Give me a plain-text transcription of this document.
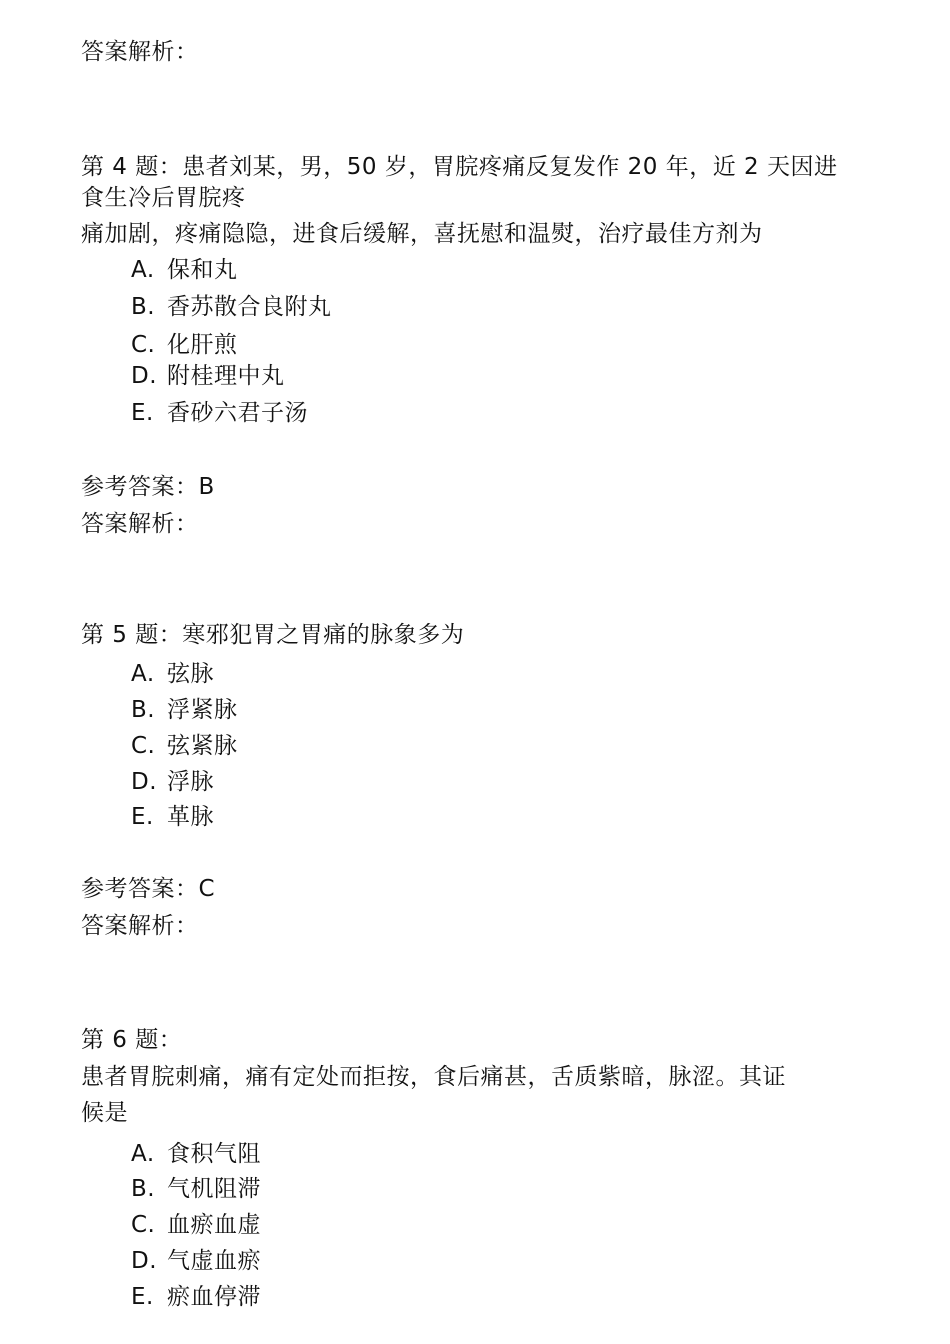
答案解析：
第 4 题：患者刘某，男，50 岁，胃脘疼痛反复发作 20 年，近 2 天因进
食生冷后胃脘疼
痛加剧，疼痛隐隐，进食后缓解，喜抚慰和温熨，治疗最佳方剂为
A. 保和丸
B. 香苏散合良附丸
C. 化肝煎
D. 附桂理中丸
E. 香砂六君子汤
参考答案：B
答案解析：
第 5 题：寒邪犯胃之胃痛的脉象多为
A. 弦脉
B. 浮紧脉
C. 弦紧脉
D. 浮脉
E. 革脉
参考答案：C
答案解析：
第 6 题：
患者胃脘刺痛，痛有定处而拒按，食后痛甚，舌质紫暗，脉涩。其证
候是
A. 食积气阻
B. 气机阻滞
C. 血瘀血虚
D. 气虚血瘀
E. 瘀血停滞
